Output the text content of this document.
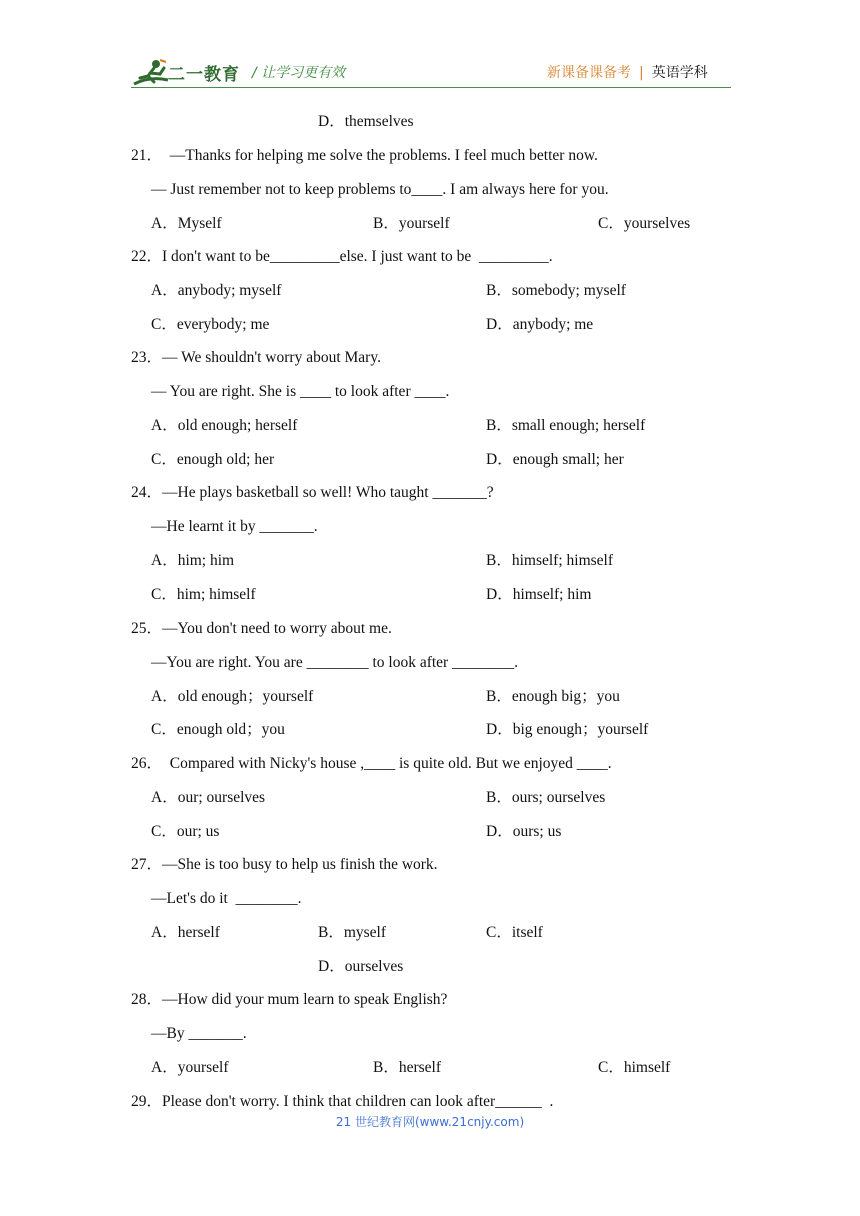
二一教育 / 让学习更有效	新课备课备考 | 英语学科
D．themselves
21．  —Thanks for helping me solve the problems. I feel much better now.
— Just remember not to keep problems to____. I am always here for you.
A．Myself	B．yourself	C．yourselves
22．I don't want to be_________else. I just want to be  _________.
A．anybody; myself	B．somebody; myself
C．everybody; me	D．anybody; me
23．— We shouldn't worry about Mary.
— You are right. She is ____ to look after ____.
A．old enough; herself	B．small enough; herself
C．enough old; her	D．enough small; her
24．—He plays basketball so well! Who taught _______?
—He learnt it by _______.
A．him; him	B．himself; himself
C．him; himself	D．himself; him
25．—You don't need to worry about me.
—You are right. You are ________ to look after ________.
A．old enough；yourself	B．enough big；you
C．enough old；you	D．big enough；yourself
26．  Compared with Nicky's house ,____ is quite old. But we enjoyed ____.
A．our; ourselves	B．ours; ourselves
C．our; us	D．ours; us
27．—She is too busy to help us finish the work.
—Let's do it  ________.
A．herself	B．myself	C．itself
D．ourselves
28．—How did your mum learn to speak English?
—By _______.
A．yourself	B．herself	C．himself
29．Please don't worry. I think that children can look after______  .
21 世纪教育网(www.21cnjy.com)
